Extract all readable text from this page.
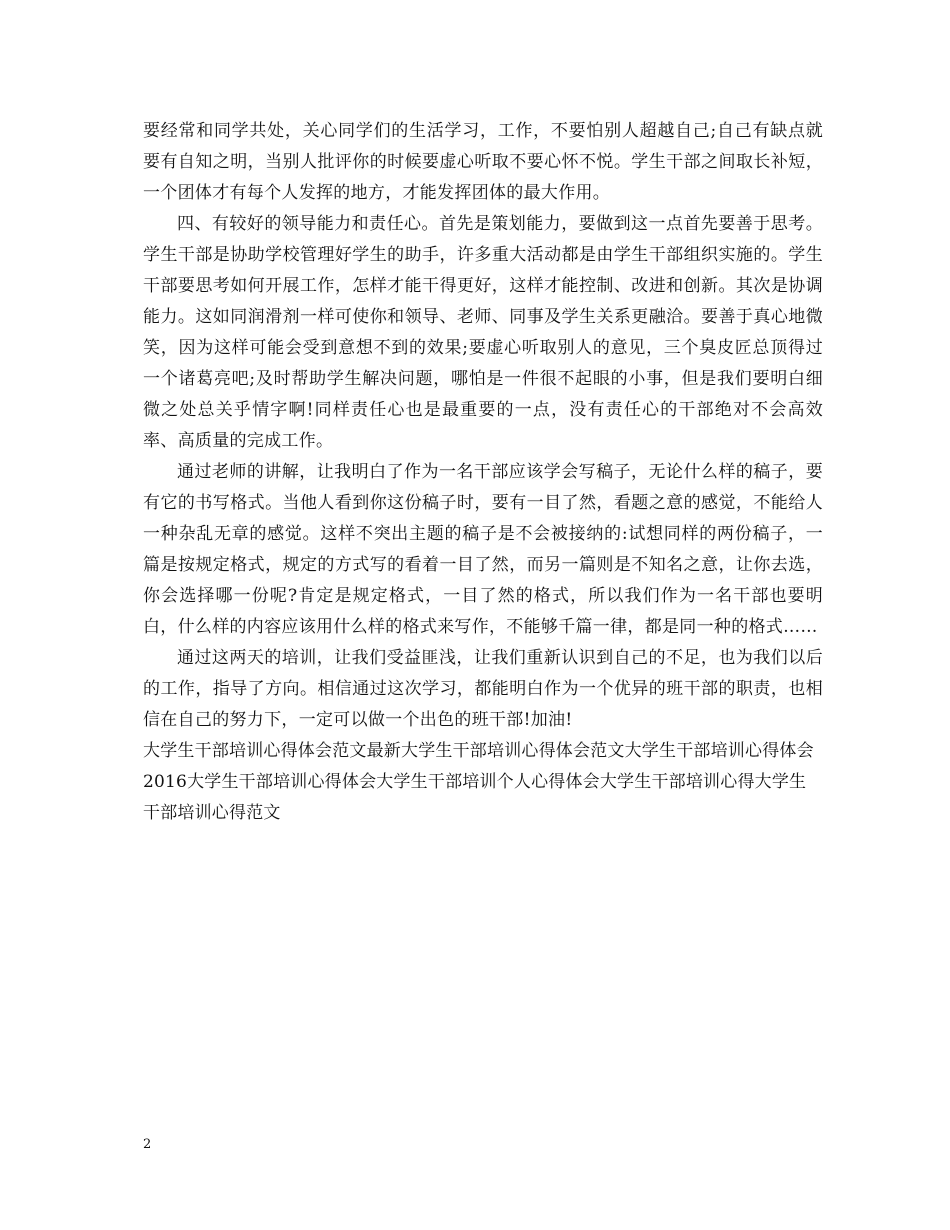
要经常和同学共处，关心同学们的生活学习，工作，不要怕别人超越自己;自己有缺点就要有自知之明，当别人批评你的时候要虚心听取不要心怀不悦。学生干部之间取长补短，一个团体才有每个人发挥的地方，才能发挥团体的最大作用。

四、有较好的领导能力和责任心。首先是策划能力，要做到这一点首先要善于思考。学生干部是协助学校管理好学生的助手，许多重大活动都是由学生干部组织实施的。学生干部要思考如何开展工作，怎样才能干得更好，这样才能控制、改进和创新。其次是协调能力。这如同润滑剂一样可使你和领导、老师、同事及学生关系更融洽。要善于真心地微笑，因为这样可能会受到意想不到的效果;要虚心听取别人的意见，三个臭皮匠总顶得过一个诸葛亮吧;及时帮助学生解决问题，哪怕是一件很不起眼的小事，但是我们要明白细微之处总关乎情字啊!同样责任心也是最重要的一点，没有责任心的干部绝对不会高效率、高质量的完成工作。

通过老师的讲解，让我明白了作为一名干部应该学会写稿子，无论什么样的稿子，要有它的书写格式。当他人看到你这份稿子时，要有一目了然，看题之意的感觉，不能给人一种杂乱无章的感觉。这样不突出主题的稿子是不会被接纳的:试想同样的两份稿子，一篇是按规定格式，规定的方式写的看着一目了然，而另一篇则是不知名之意，让你去选，你会选择哪一份呢?肯定是规定格式，一目了然的格式，所以我们作为一名干部也要明白，什么样的内容应该用什么样的格式来写作，不能够千篇一律，都是同一种的格式……

通过这两天的培训，让我们受益匪浅，让我们重新认识到自己的不足，也为我们以后的工作，指导了方向。相信通过这次学习，都能明白作为一个优异的班干部的职责，也相信在自己的努力下，一定可以做一个出色的班干部!加油!

大学生干部培训心得体会范文最新大学生干部培训心得体会范文大学生干部培训心得体会2016大学生干部培训心得体会大学生干部培训个人心得体会大学生干部培训心得大学生干部培训心得范文

2
